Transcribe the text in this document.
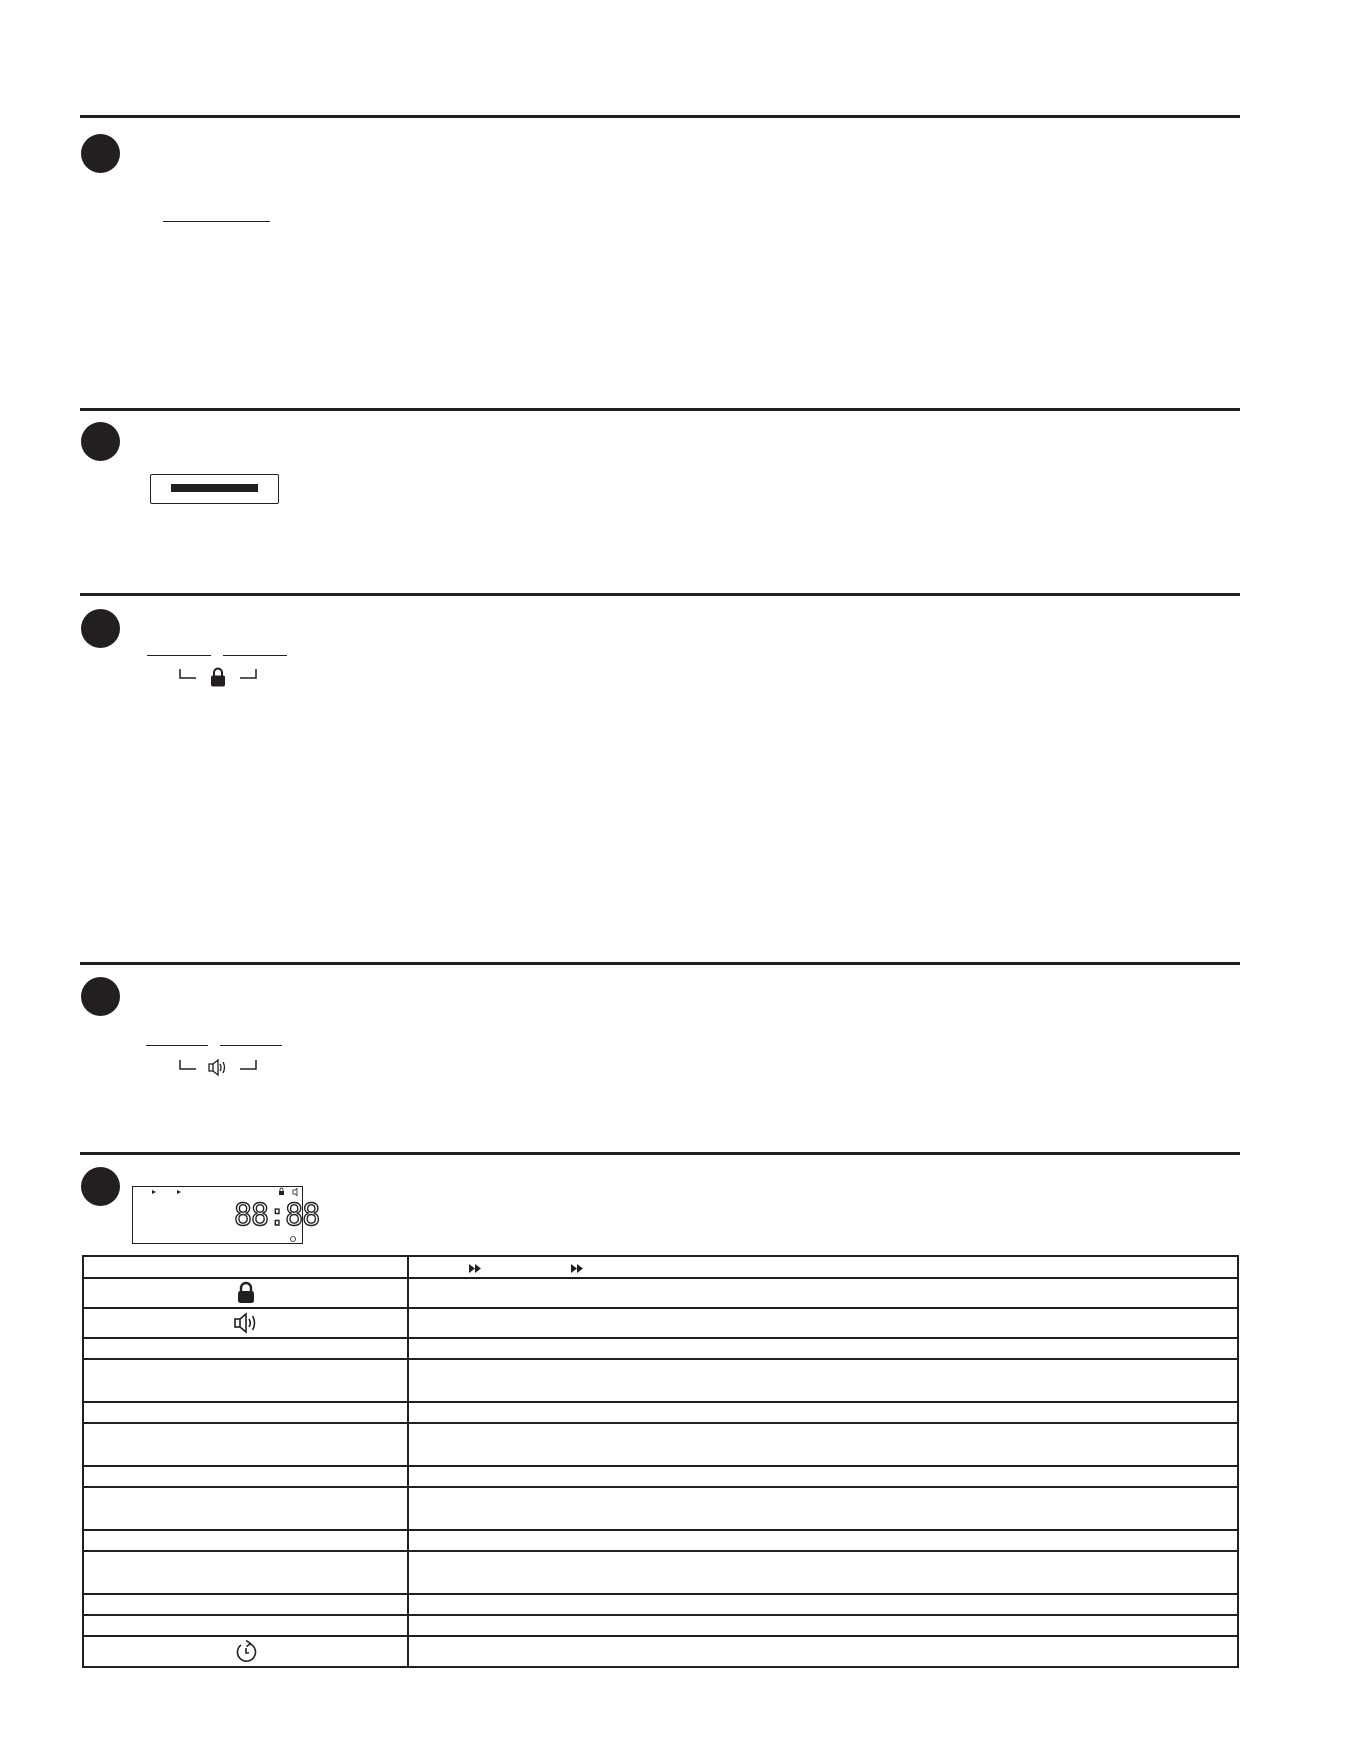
88:88
